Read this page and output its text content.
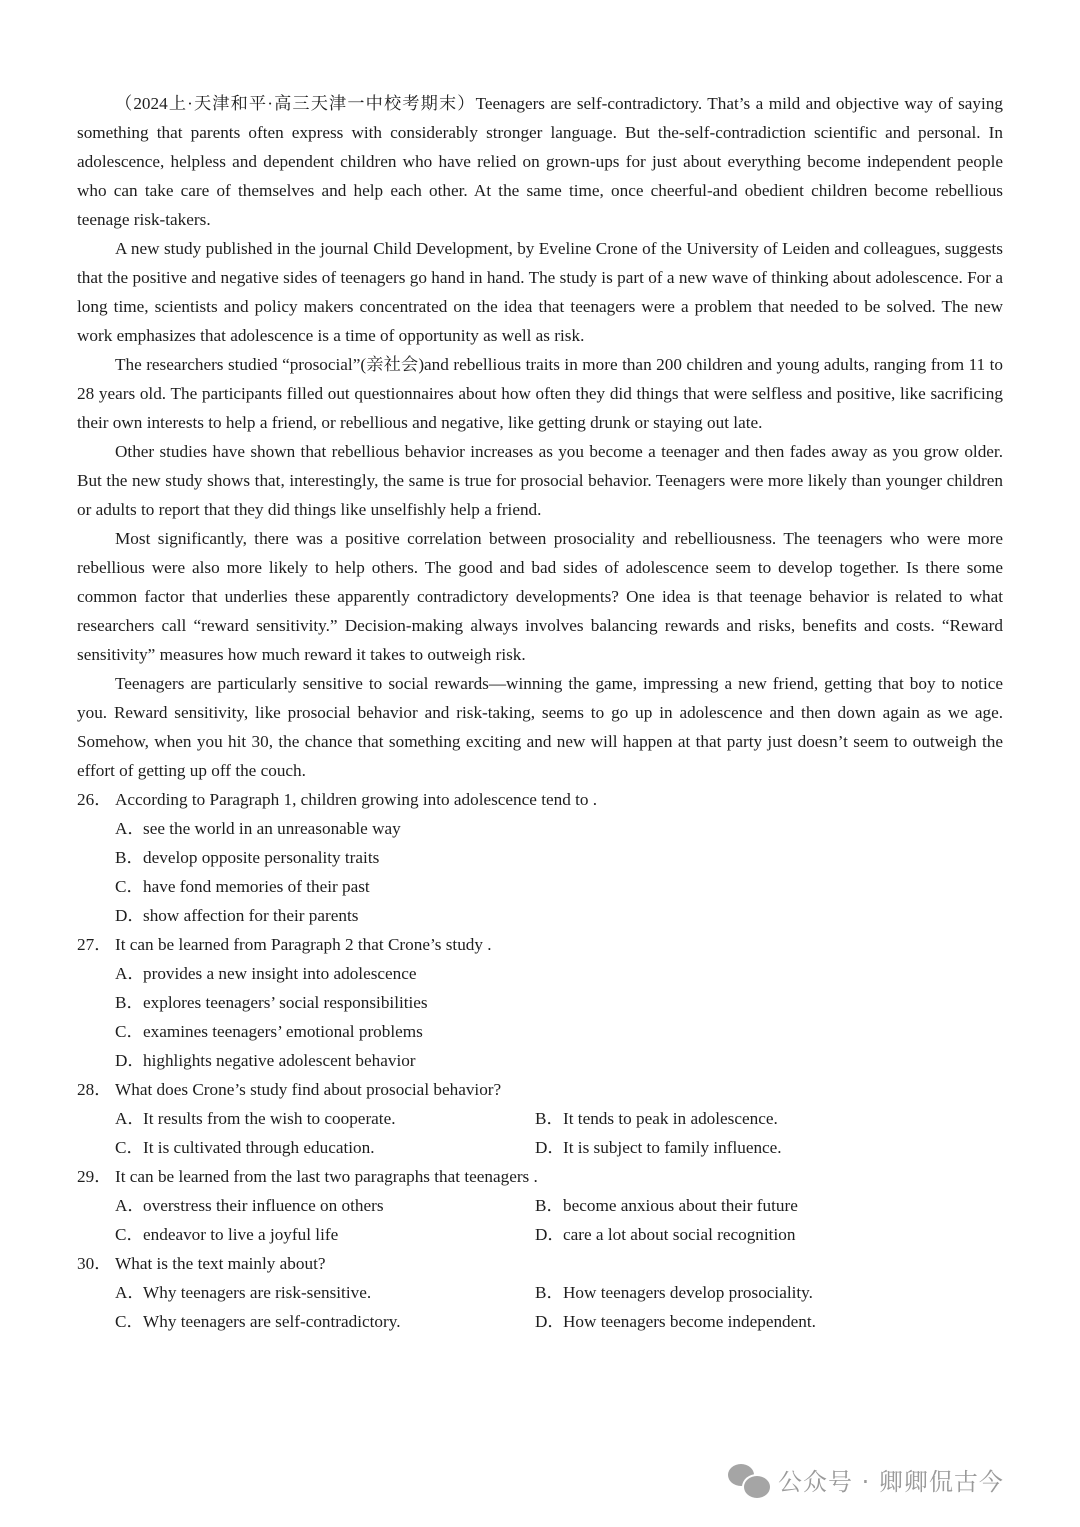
（2024上·天津和平·高三天津一中校考期末）Teenagers are self-contradictory. That’s a mild and objective way of saying something that parents often express with considerably stronger language. But the-self-contradiction scientific and personal. In adolescence, helpless and dependent children who have relied on grown-ups for just about everything become independent people who can take care of themselves and help each other. At the same time, once cheerful-and obedient children become rebellious teenage risk-takers.

A new study published in the journal Child Development, by Eveline Crone of the University of Leiden and colleagues, suggests that the positive and negative sides of teenagers go hand in hand. The study is part of a new wave of thinking about adolescence. For a long time, scientists and policy makers concentrated on the idea that teenagers were a problem that needed to be solved. The new work emphasizes that adolescence is a time of opportunity as well as risk.

The researchers studied “prosocial”(亲社会)and rebellious traits in more than 200 children and young adults, ranging from 11 to 28 years old. The participants filled out questionnaires about how often they did things that were selfless and positive, like sacrificing their own interests to help a friend, or rebellious and negative, like getting drunk or staying out late.

Other studies have shown that rebellious behavior increases as you become a teenager and then fades away as you grow older. But the new study shows that, interestingly, the same is true for prosocial behavior. Teenagers were more likely than younger children or adults to report that they did things like unselfishly help a friend.

Most significantly, there was a positive correlation between prosociality and rebelliousness. The teenagers who were more rebellious were also more likely to help others. The good and bad sides of adolescence seem to develop together. Is there some common factor that underlies these apparently contradictory developments? One idea is that teenage behavior is related to what researchers call “reward sensitivity.” Decision-making always involves balancing rewards and risks, benefits and costs. “Reward sensitivity” measures how much reward it takes to outweigh risk.

Teenagers are particularly sensitive to social rewards—winning the game, impressing a new friend, getting that boy to notice you. Reward sensitivity, like prosocial behavior and risk-taking, seems to go up in adolescence and then down again as we age. Somehow, when you hit 30, the chance that something exciting and new will happen at that party just doesn’t seem to outweigh the effort of getting up off the couch.

26． According to Paragraph 1, children growing into adolescence tend to .

A．see the world in an unreasonable way

B．develop opposite personality traits

C．have fond memories of their past

D．show affection for their parents

27． It can be learned from Paragraph 2 that Crone’s study .

A．provides a new insight into adolescence

B．explores teenagers’ social responsibilities

C．examines teenagers’ emotional problems

D．highlights negative adolescent behavior

28． What does Crone’s study find about prosocial behavior?

A．It results from the wish to cooperate.	B．It tends to peak in adolescence.
C．It is cultivated through education.	D．It is subject to family influence.

29． It can be learned from the last two paragraphs that teenagers .

A．overstress their influence on others	B．become anxious about their future
C．endeavor to live a joyful life	D．care a lot about social recognition

30． What is the text mainly about?

A．Why teenagers are risk-sensitive.	B．How teenagers develop prosociality.
C．Why teenagers are self-contradictory.	D．How teenagers become independent.
公众号 · 卿卿侃古今
